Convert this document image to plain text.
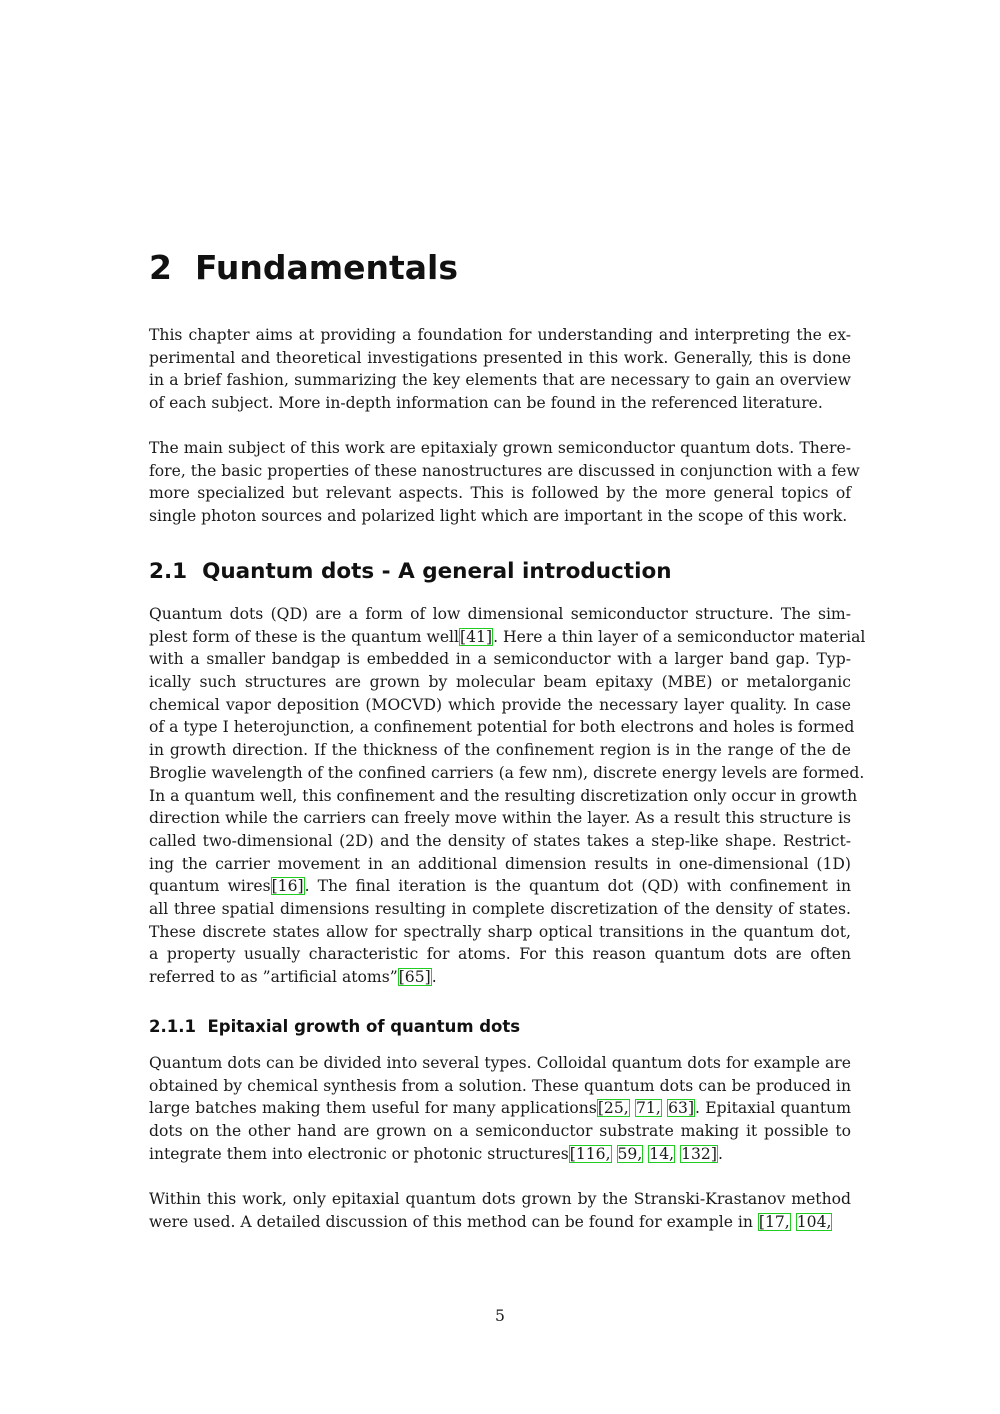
2 Fundamentals
This chapter aims at providing a foundation for understanding and interpreting the ex-
perimental and theoretical investigations presented in this work. Generally, this is done
in a brief fashion, summarizing the key elements that are necessary to gain an overview
of each subject. More in-depth information can be found in the referenced literature.
The main subject of this work are epitaxialy grown semiconductor quantum dots. There-
fore, the basic properties of these nanostructures are discussed in conjunction with a few
more specialized but relevant aspects. This is followed by the more general topics of
single photon sources and polarized light which are important in the scope of this work.
2.1 Quantum dots - A general introduction
Quantum dots (QD) are a form of low dimensional semiconductor structure. The sim-
plest form of these is the quantum well[41]. Here a thin layer of a semiconductor material
with a smaller bandgap is embedded in a semiconductor with a larger band gap. Typ-
ically such structures are grown by molecular beam epitaxy (MBE) or metalorganic
chemical vapor deposition (MOCVD) which provide the necessary layer quality. In case
of a type I heterojunction, a confinement potential for both electrons and holes is formed
in growth direction. If the thickness of the confinement region is in the range of the de
Broglie wavelength of the confined carriers (a few nm), discrete energy levels are formed.
In a quantum well, this confinement and the resulting discretization only occur in growth
direction while the carriers can freely move within the layer. As a result this structure is
called two-dimensional (2D) and the density of states takes a step-like shape. Restrict-
ing the carrier movement in an additional dimension results in one-dimensional (1D)
quantum wires[16]. The final iteration is the quantum dot (QD) with confinement in
all three spatial dimensions resulting in complete discretization of the density of states.
These discrete states allow for spectrally sharp optical transitions in the quantum dot,
a property usually characteristic for atoms. For this reason quantum dots are often
referred to as ”artificial atoms”[65].
2.1.1 Epitaxial growth of quantum dots
Quantum dots can be divided into several types. Colloidal quantum dots for example are
obtained by chemical synthesis from a solution. These quantum dots can be produced in
large batches making them useful for many applications[25, 71, 63]. Epitaxial quantum
dots on the other hand are grown on a semiconductor substrate making it possible to
integrate them into electronic or photonic structures[116, 59, 14, 132].
Within this work, only epitaxial quantum dots grown by the Stranski-Krastanov method
were used. A detailed discussion of this method can be found for example in [17, 104,
5
